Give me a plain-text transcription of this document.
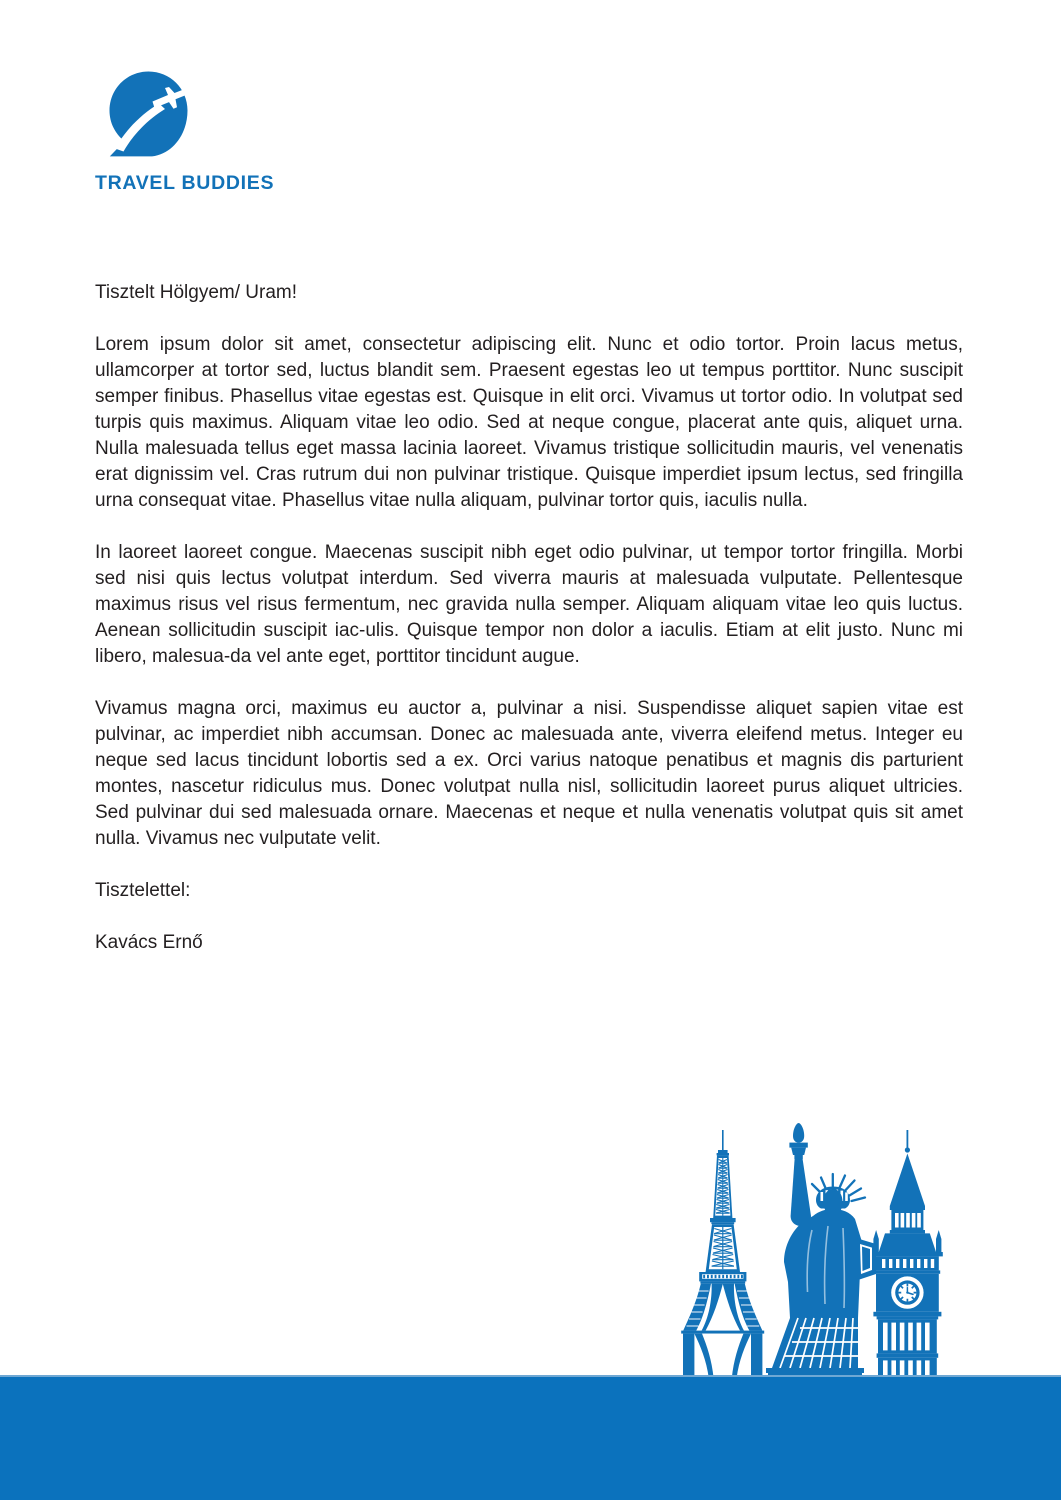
TRAVEL BUDDIES

Tisztelt Hölgyem/ Uram!

Lorem ipsum dolor sit amet, consectetur adipiscing elit. Nunc et odio tortor. Proin lacus metus, ullamcorper at tortor sed, luctus blandit sem. Praesent egestas leo ut tempus porttitor. Nunc suscipit semper finibus. Phasellus vitae egestas est. Quisque in elit orci. Vivamus ut tortor odio. In volutpat sed turpis quis maximus. Aliquam vitae leo odio. Sed at neque congue, placerat ante quis, aliquet urna. Nulla malesuada tellus eget massa lacinia laoreet. Vivamus tristique sollicitudin mauris, vel venenatis erat dignissim vel. Cras rutrum dui non pulvinar tristique. Quisque imperdiet ipsum lectus, sed fringilla urna consequat vitae. Phasellus vitae nulla aliquam, pulvinar tortor quis, iaculis nulla.

In laoreet laoreet congue. Maecenas suscipit nibh eget odio pulvinar, ut tempor tortor fringilla. Morbi sed nisi quis lectus volutpat interdum. Sed viverra mauris at malesuada vulputate. Pellentesque maximus risus vel risus fermentum, nec gravida nulla semper. Aliquam aliquam vitae leo quis luctus. Aenean sollicitudin suscipit iac-ulis. Quisque tempor non dolor a iaculis. Etiam at elit justo. Nunc mi libero, malesua-da vel ante eget, porttitor tincidunt augue.

Vivamus magna orci, maximus eu auctor a, pulvinar a nisi. Suspendisse aliquet sapien vitae est pulvinar, ac imperdiet nibh accumsan. Donec ac malesuada ante, viverra eleifend metus. Integer eu neque sed lacus tincidunt lobortis sed a ex. Orci varius natoque penatibus et magnis dis parturient montes, nascetur ridiculus mus. Donec volutpat nulla nisl, sollicitudin laoreet purus aliquet ultricies. Sed pulvinar dui sed malesuada ornare. Maecenas et neque et nulla venenatis volutpat quis sit amet nulla. Vivamus nec vulputate velit.

Tisztelettel:

Kavács Ernő
